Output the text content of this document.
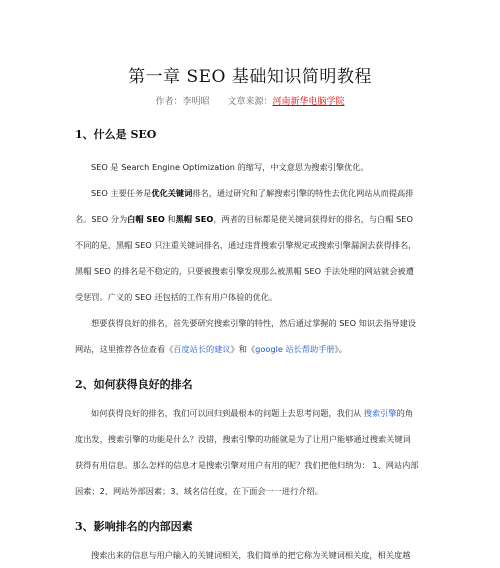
第一章 SEO 基础知识简明教程
作者：李明昭 文章来源：河南新华电脑学院
1、什么是 SEO
SEO 是 Search Engine Optimization 的缩写，中文意思为搜索引擎优化。
SEO 主要任务是优化关键词排名，通过研究和了解搜索引擎的特性去优化网站从而提高排
名。SEO 分为白帽 SEO 和黑帽 SEO，两者的目标都是使关键词获得好的排名，与白帽 SEO
不同的是，黑帽 SEO 只注重关键词排名，通过违背搜索引擎规定或搜索引擎漏洞去获得排名，
黑帽 SEO 的排名是不稳定的，只要被搜索引擎发现那么被黑帽 SEO 手法处理的网站就会被遭
受惩罚。广义的 SEO 还包括的工作有用户体验的优化。
想要获得良好的排名，首先要研究搜索引擎的特性，然后通过掌握的 SEO 知识去指导建设
网站，这里推荐各位查看《百度站长的建议》和《google 站长帮助手册》。
2、如何获得良好的排名
如何获得良好的排名，我们可以回归到最根本的问题上去思考问题，我们从 搜索引擎的角
度出发，搜索引擎的功能是什么？没错，搜索引擎的功能就是为了让用户能够通过搜索关键词
获得有用信息。那么怎样的信息才是搜索引擎对用户有用的呢？我们把他归纳为： 1、网站内部
因素；2、网站外部因素；3、域名信任度，在下面会一一进行介绍。
3、影响排名的内部因素
搜索出来的信息与用户输入的关键词相关，我们简单的把它称为关键词相关度，相关度越
